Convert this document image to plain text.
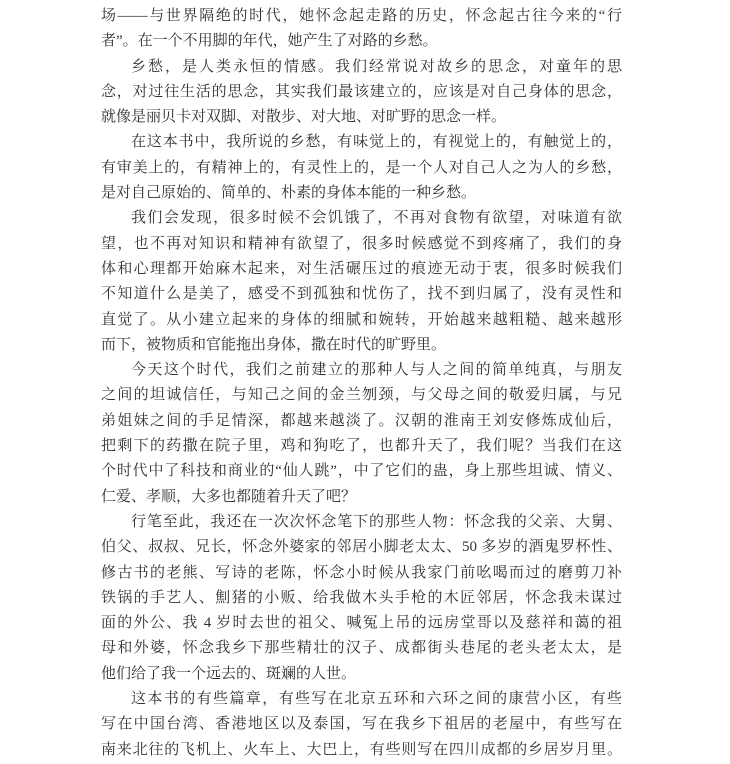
场——与世界隔绝的时代，她怀念起走路的历史，怀念起古往今来的“行
者”。在一个不用脚的年代，她产生了对路的乡愁。
乡愁，是人类永恒的情感。我们经常说对故乡的思念，对童年的思
念，对过往生活的思念，其实我们最该建立的，应该是对自己身体的思念，
就像是丽贝卡对双脚、对散步、对大地、对旷野的思念一样。
在这本书中，我所说的乡愁，有味觉上的，有视觉上的，有触觉上的，
有审美上的，有精神上的，有灵性上的，是一个人对自己人之为人的乡愁，
是对自己原始的、简单的、朴素的身体本能的一种乡愁。
我们会发现，很多时候不会饥饿了，不再对食物有欲望，对味道有欲
望，也不再对知识和精神有欲望了，很多时候感觉不到疼痛了，我们的身
体和心理都开始麻木起来，对生活碾压过的痕迹无动于衷，很多时候我们
不知道什么是美了，感受不到孤独和忧伤了，找不到归属了，没有灵性和
直觉了。从小建立起来的身体的细腻和婉转，开始越来越粗糙、越来越形
而下，被物质和官能拖出身体，撒在时代的旷野里。
今天这个时代，我们之前建立的那种人与人之间的简单纯真，与朋友
之间的坦诚信任，与知己之间的金兰刎颈，与父母之间的敬爱归属，与兄
弟姐妹之间的手足情深，都越来越淡了。汉朝的淮南王刘安修炼成仙后，
把剩下的药撒在院子里，鸡和狗吃了，也都升天了，我们呢？当我们在这
个时代中了科技和商业的“仙人跳”，中了它们的蛊，身上那些坦诚、情义、
仁爱、孝顺，大多也都随着升天了吧？
行笔至此，我还在一次次怀念笔下的那些人物：怀念我的父亲、大舅、
伯父、叔叔、兄长，怀念外婆家的邻居小脚老太太、50 多岁的酒鬼罗杯性、
修古书的老熊、写诗的老陈，怀念小时候从我家门前吆喝而过的磨剪刀补
铁锅的手艺人、劁猪的小贩、给我做木头手枪的木匠邻居，怀念我未谋过
面的外公、我 4 岁时去世的祖父、喊冤上吊的远房堂哥以及慈祥和蔼的祖
母和外婆，怀念我乡下那些精壮的汉子、成都街头巷尾的老头老太太，是
他们给了我一个远去的、斑斓的人世。
这本书的有些篇章，有些写在北京五环和六环之间的康营小区，有些
写在中国台湾、香港地区以及泰国，写在我乡下祖居的老屋中，有些写在
南来北往的飞机上、火车上、大巴上，有些则写在四川成都的乡居岁月里。
